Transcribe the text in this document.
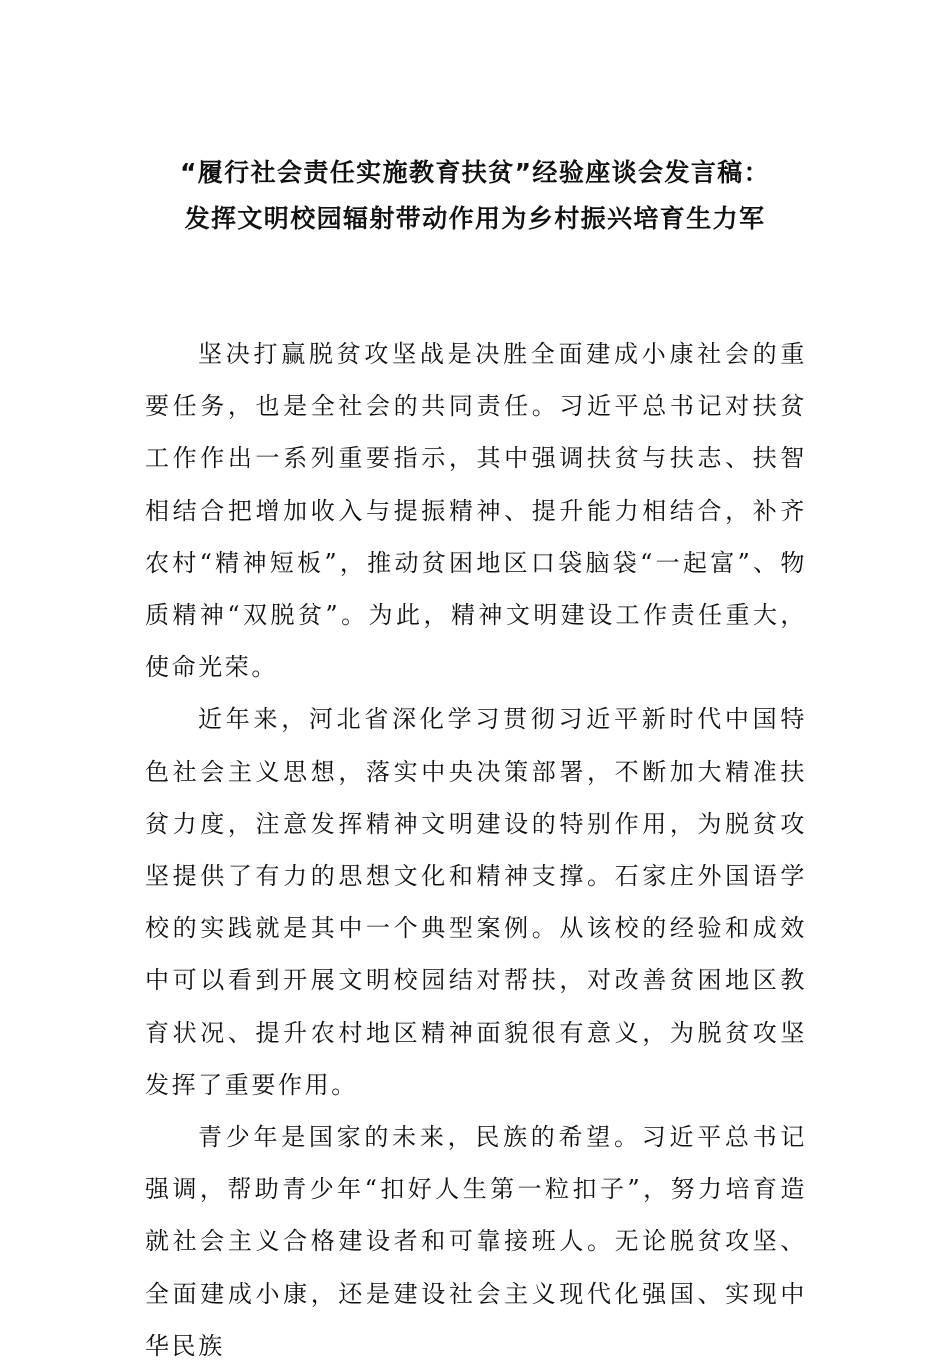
“履行社会责任实施教育扶贫”经验座谈会发言稿：

发挥文明校园辐射带动作用为乡村振兴培育生力军

坚决打赢脱贫攻坚战是决胜全面建成小康社会的重要任务，也是全社会的共同责任。习近平总书记对扶贫工作作出一系列重要指示，其中强调扶贫与扶志、扶智相结合把增加收入与提振精神、提升能力相结合，补齐农村“精神短板”，推动贫困地区口袋脑袋“一起富”、物质精神“双脱贫”。为此，精神文明建设工作责任重大，使命光荣。

近年来，河北省深化学习贯彻习近平新时代中国特色社会主义思想，落实中央决策部署，不断加大精准扶贫力度，注意发挥精神文明建设的特别作用，为脱贫攻坚提供了有力的思想文化和精神支撑。石家庄外国语学校的实践就是其中一个典型案例。从该校的经验和成效中可以看到开展文明校园结对帮扶，对改善贫困地区教育状况、提升农村地区精神面貌很有意义，为脱贫攻坚发挥了重要作用。

青少年是国家的未来，民族的希望。习近平总书记强调，帮助青少年“扣好人生第一粒扣子”，努力培育造就社会主义合格建设者和可靠接班人。无论脱贫攻坚、全面建成小康，还是建设社会主义现代化强国、实现中华民族
